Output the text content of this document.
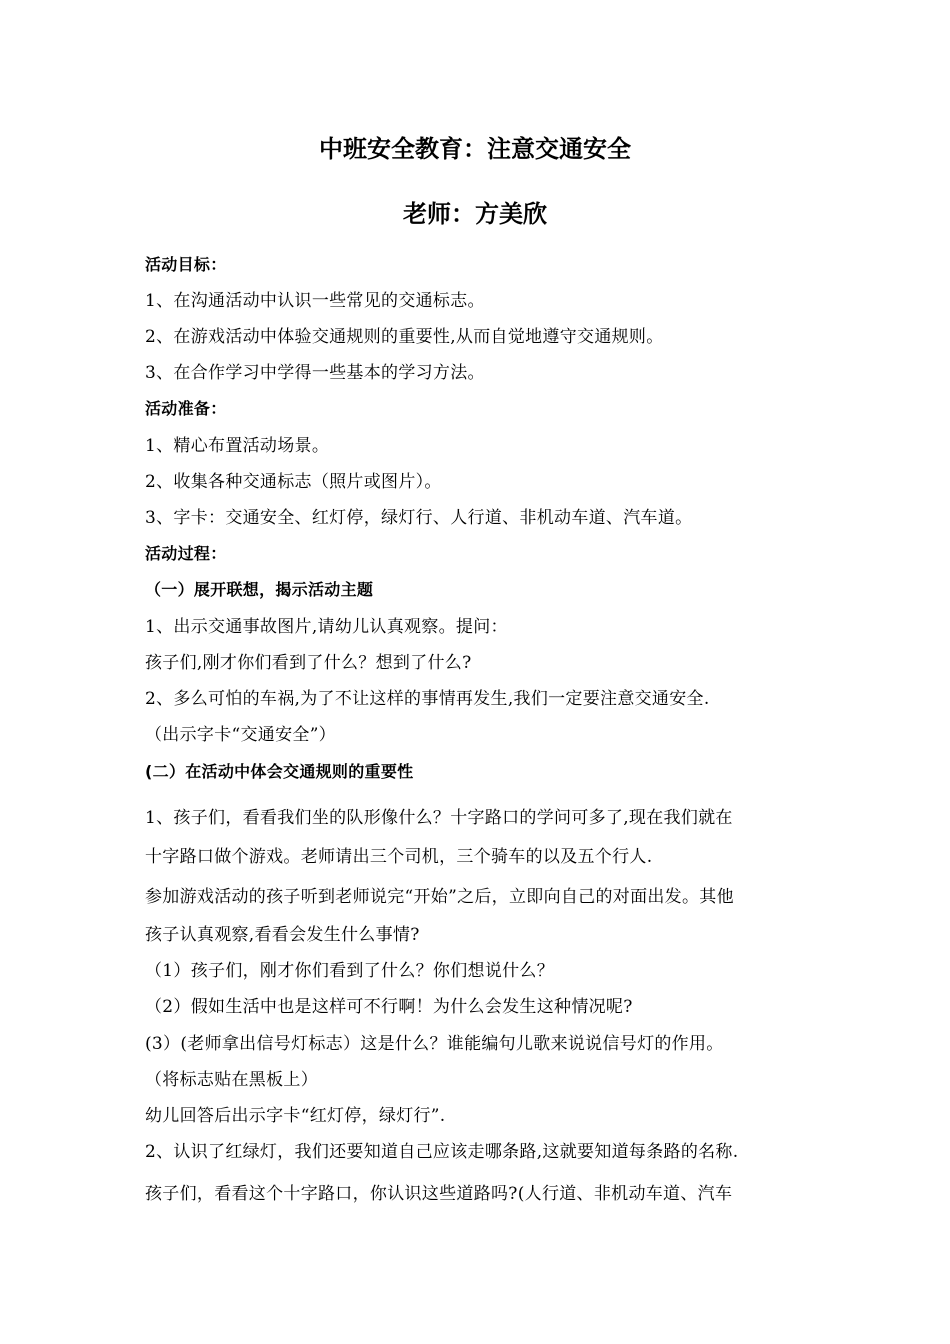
中班安全教育：注意交通安全
老师：方美欣
活动目标：
1、在沟通活动中认识一些常见的交通标志。
2、在游戏活动中体验交通规则的重要性,从而自觉地遵守交通规则。
3、在合作学习中学得一些基本的学习方法。
活动准备：
1、精心布置活动场景。
2、收集各种交通标志（照片或图片）。
3、字卡：交通安全、红灯停，绿灯行、人行道、非机动车道、汽车道。
活动过程：
（一）展开联想，揭示活动主题
1、出示交通事故图片,请幼儿认真观察。提问：
孩子们,刚才你们看到了什么？想到了什么?
2、多么可怕的车祸,为了不让这样的事情再发生,我们一定要注意交通安全.
（出示字卡“交通安全”）
(二）在活动中体会交通规则的重要性
1、孩子们，看看我们坐的队形像什么？十字路口的学问可多了,现在我们就在
十字路口做个游戏。老师请出三个司机，三个骑车的以及五个行人.
参加游戏活动的孩子听到老师说完“开始”之后，立即向自己的对面出发。其他
孩子认真观察,看看会发生什么事情?
（1）孩子们，刚才你们看到了什么？你们想说什么？
（2）假如生活中也是这样可不行啊！为什么会发生这种情况呢?
(3）(老师拿出信号灯标志）这是什么？谁能编句儿歌来说说信号灯的作用。
（将标志贴在黑板上）
幼儿回答后出示字卡“红灯停，绿灯行”.
2、认识了红绿灯，我们还要知道自己应该走哪条路,这就要知道每条路的名称.
孩子们，看看这个十字路口，你认识这些道路吗?(人行道、非机动车道、汽车
